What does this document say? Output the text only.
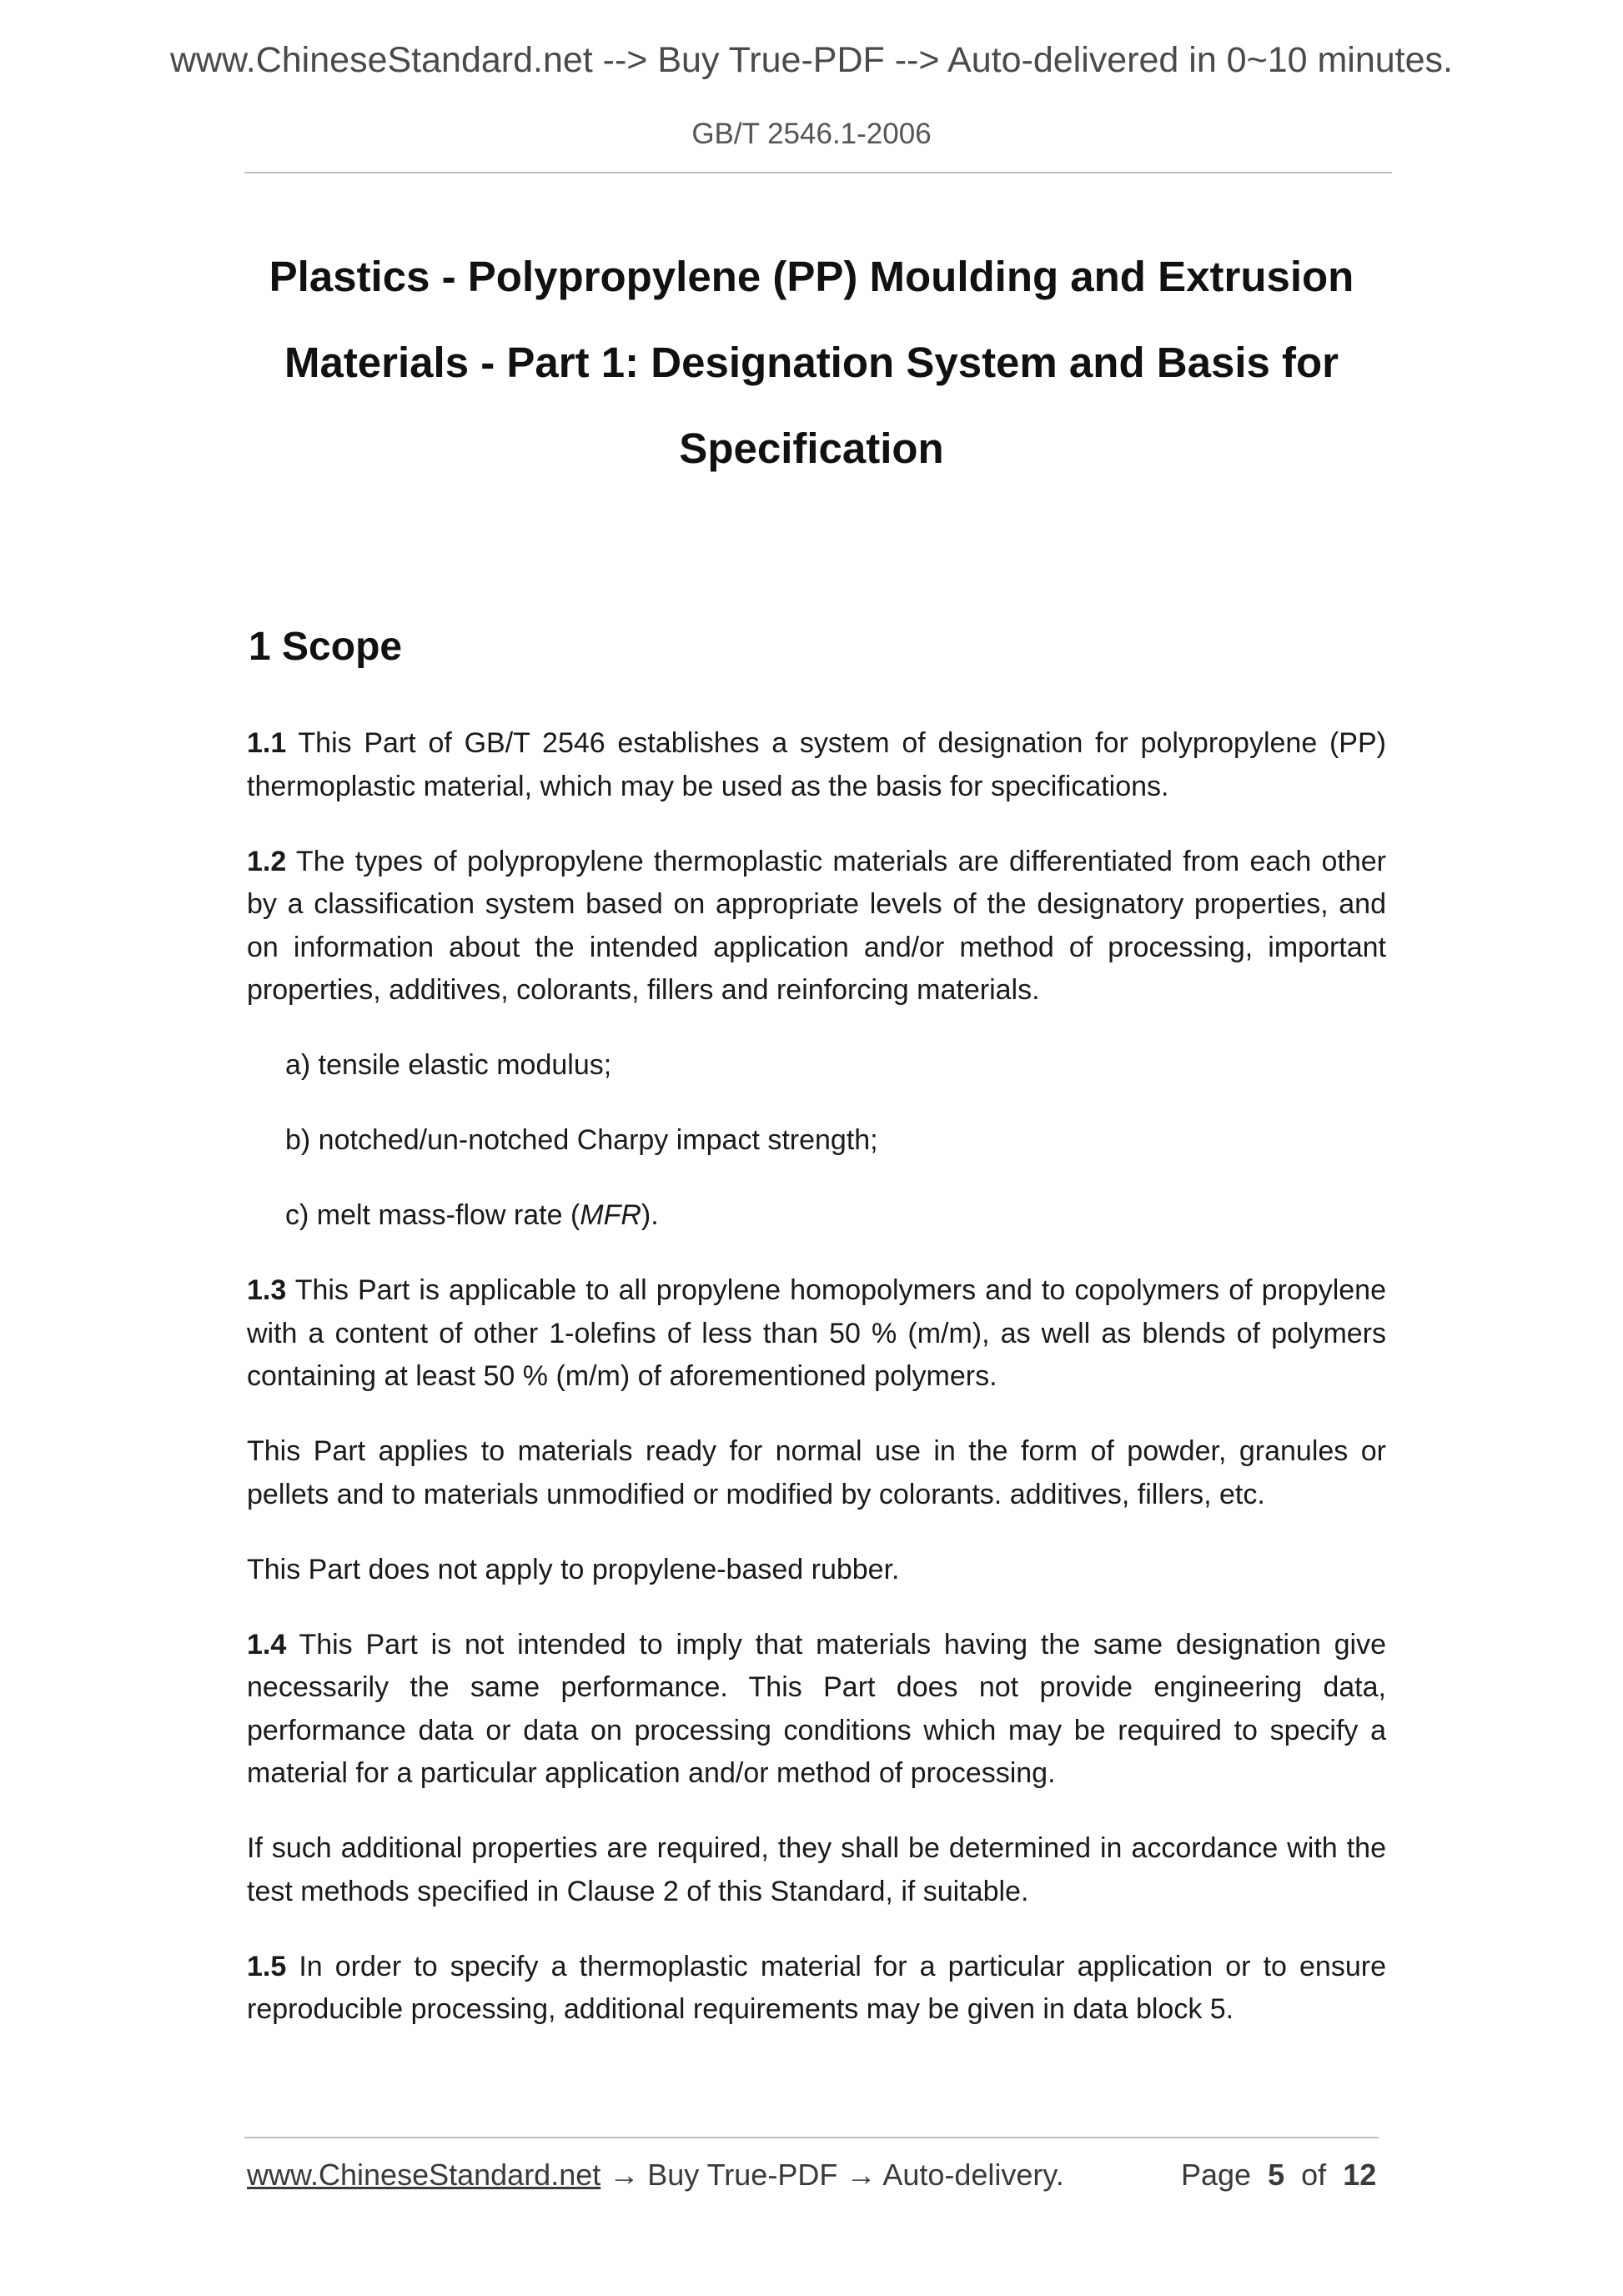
www.ChineseStandard.net --> Buy True-PDF --> Auto-delivered in 0~10 minutes.
GB/T 2546.1-2006
Plastics - Polypropylene (PP) Moulding and Extrusion
Materials - Part 1: Designation System and Basis for
Specification
1 Scope

1.1 This Part of GB/T 2546 establishes a system of designation for polypropylene (PP) thermoplastic material, which may be used as the basis for specifications.

1.2 The types of polypropylene thermoplastic materials are differentiated from each other by a classification system based on appropriate levels of the designatory properties, and on information about the intended application and/or method of processing, important properties, additives, colorants, fillers and reinforcing materials.

a) tensile elastic modulus;

b) notched/un-notched Charpy impact strength;

c) melt mass-flow rate (MFR).

1.3 This Part is applicable to all propylene homopolymers and to copolymers of propylene with a content of other 1-olefins of less than 50 % (m/m), as well as blends of polymers containing at least 50 % (m/m) of aforementioned polymers.

This Part applies to materials ready for normal use in the form of powder, granules or pellets and to materials unmodified or modified by colorants. additives, fillers, etc.

This Part does not apply to propylene-based rubber.

1.4 This Part is not intended to imply that materials having the same designation give necessarily the same performance. This Part does not provide engineering data, performance data or data on processing conditions which may be required to specify a material for a particular application and/or method of processing.

If such additional properties are required, they shall be determined in accordance with the test methods specified in Clause 2 of this Standard, if suitable.

1.5 In order to specify a thermoplastic material for a particular application or to ensure reproducible processing, additional requirements may be given in data block 5.

www.ChineseStandard.net → Buy True-PDF → Auto-delivery.	Page 5 of 12
